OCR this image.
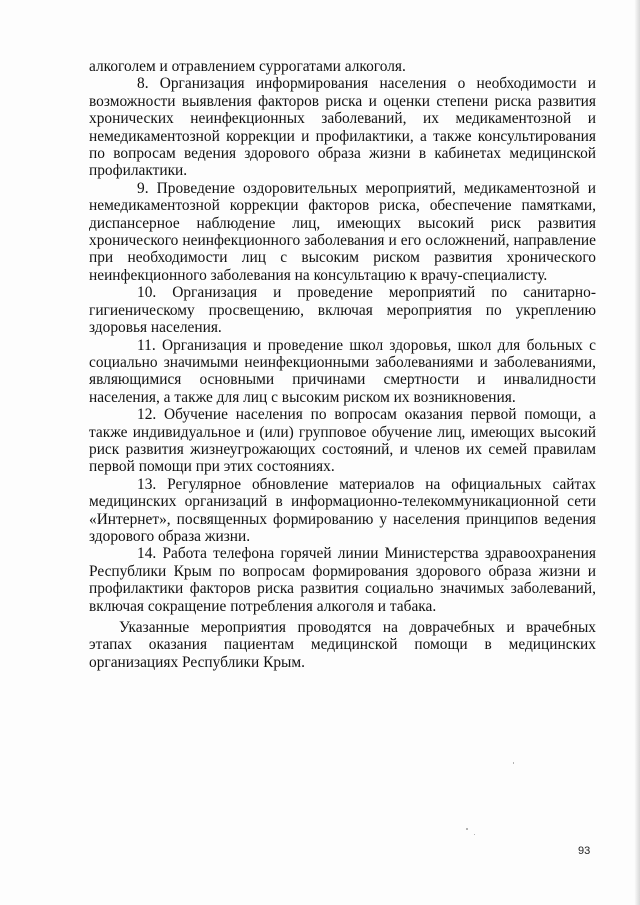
алкоголем и отравлением суррогатами алкоголя.

8. Организация информирования населения о необходимости и возможности выявления факторов риска и оценки степени риска развития хронических неинфекционных заболеваний, их медикаментозной и немедикаментозной коррекции и профилактики, а также консультирования по вопросам ведения здорового образа жизни в кабинетах медицинской профилактики.

9. Проведение оздоровительных мероприятий, медикаментозной и немедикаментозной коррекции факторов риска, обеспечение памятками, диспансерное наблюдение лиц, имеющих высокий риск развития хронического неинфекционного заболевания и его осложнений, направление при необходимости лиц с высоким риском развития хронического неинфекционного заболевания на консультацию к врачу-специалисту.

10. Организация и проведение мероприятий по санитарно-гигиеническому просвещению, включая мероприятия по укреплению здоровья населения.

11. Организация и проведение школ здоровья, школ для больных с социально значимыми неинфекционными заболеваниями и заболеваниями, являющимися основными причинами смертности и инвалидности населения, а также для лиц с высоким риском их возникновения.

12. Обучение населения по вопросам оказания первой помощи, а также индивидуальное и (или) групповое обучение лиц, имеющих высокий риск развития жизнеугрожающих состояний, и членов их семей правилам первой помощи при этих состояниях.

13. Регулярное обновление материалов на официальных сайтах медицинских организаций в информационно-телекоммуникационной сети «Интернет», посвященных формированию у населения принципов ведения здорового образа жизни.

14. Работа телефона горячей линии Министерства здравоохранения Республики Крым по вопросам формирования здорового образа жизни и профилактики факторов риска развития социально значимых заболеваний, включая сокращение потребления алкоголя и табака.

Указанные мероприятия проводятся на доврачебных и врачебных этапах оказания пациентам медицинской помощи в медицинских организациях Республики Крым.

93
